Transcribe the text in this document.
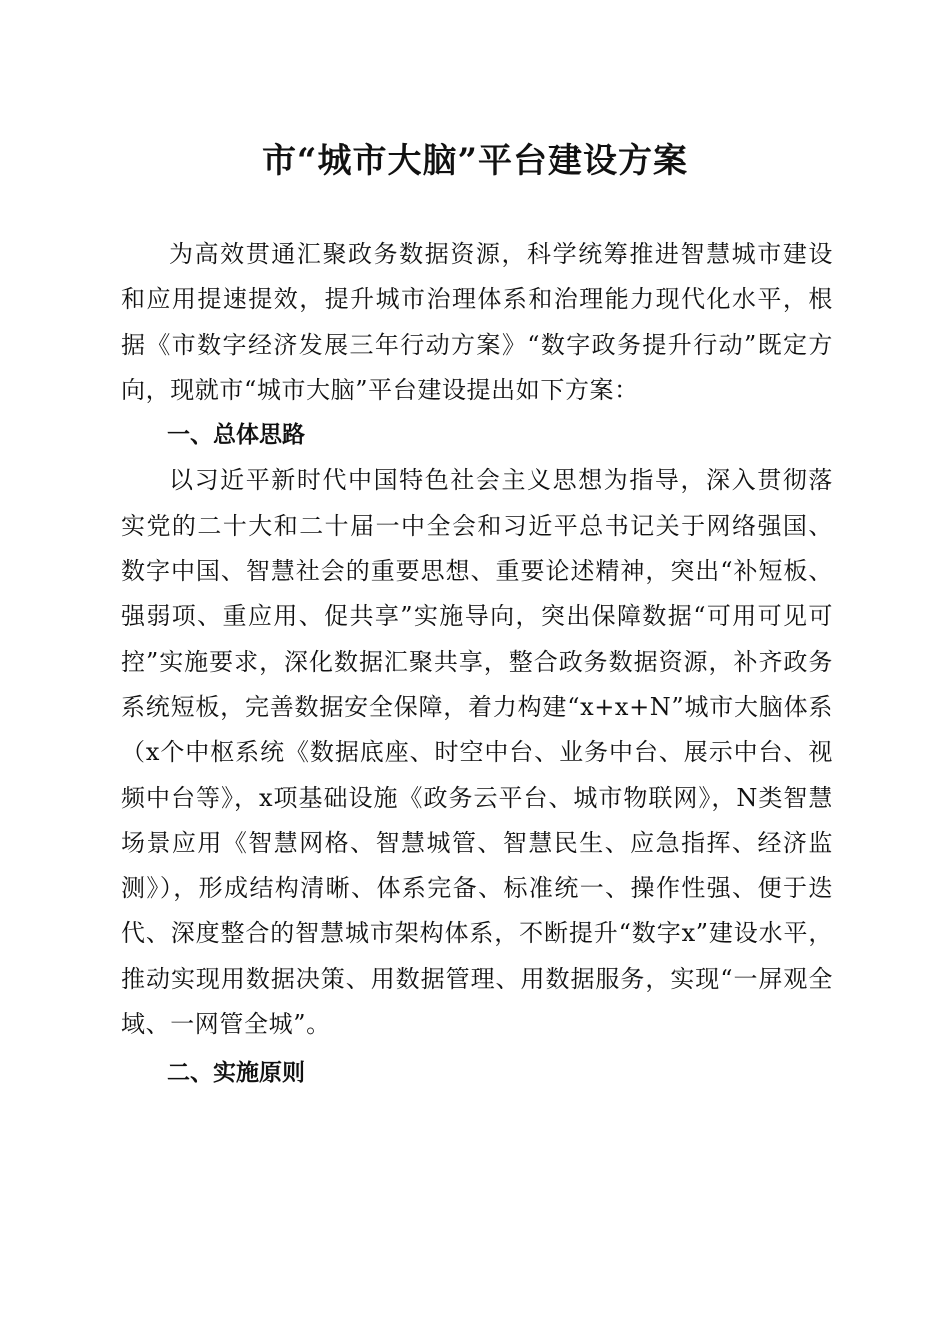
市“城市大脑”平台建设方案

为高效贯通汇聚政务数据资源，科学统筹推进智慧城市建设和应用提速提效，提升城市治理体系和治理能力现代化水平，根据《市数字经济发展三年行动方案》“数字政务提升行动”既定方向，现就市“城市大脑”平台建设提出如下方案：

一、总体思路

以习近平新时代中国特色社会主义思想为指导，深入贯彻落实党的二十大和二十届一中全会和习近平总书记关于网络强国、数字中国、智慧社会的重要思想、重要论述精神，突出“补短板、强弱项、重应用、促共享”实施导向，突出保障数据“可用可见可控”实施要求，深化数据汇聚共享，整合政务数据资源，补齐政务系统短板，完善数据安全保障，着力构建“x+x+N”城市大脑体系（x个中枢系统《数据底座、时空中台、业务中台、展示中台、视频中台等》，x项基础设施《政务云平台、城市物联网》，N类智慧场景应用《智慧网格、智慧城管、智慧民生、应急指挥、经济监测》），形成结构清晰、体系完备、标准统一、操作性强、便于迭代、深度整合的智慧城市架构体系，不断提升“数字x”建设水平，推动实现用数据决策、用数据管理、用数据服务，实现“一屏观全域、一网管全城”。

二、实施原则
